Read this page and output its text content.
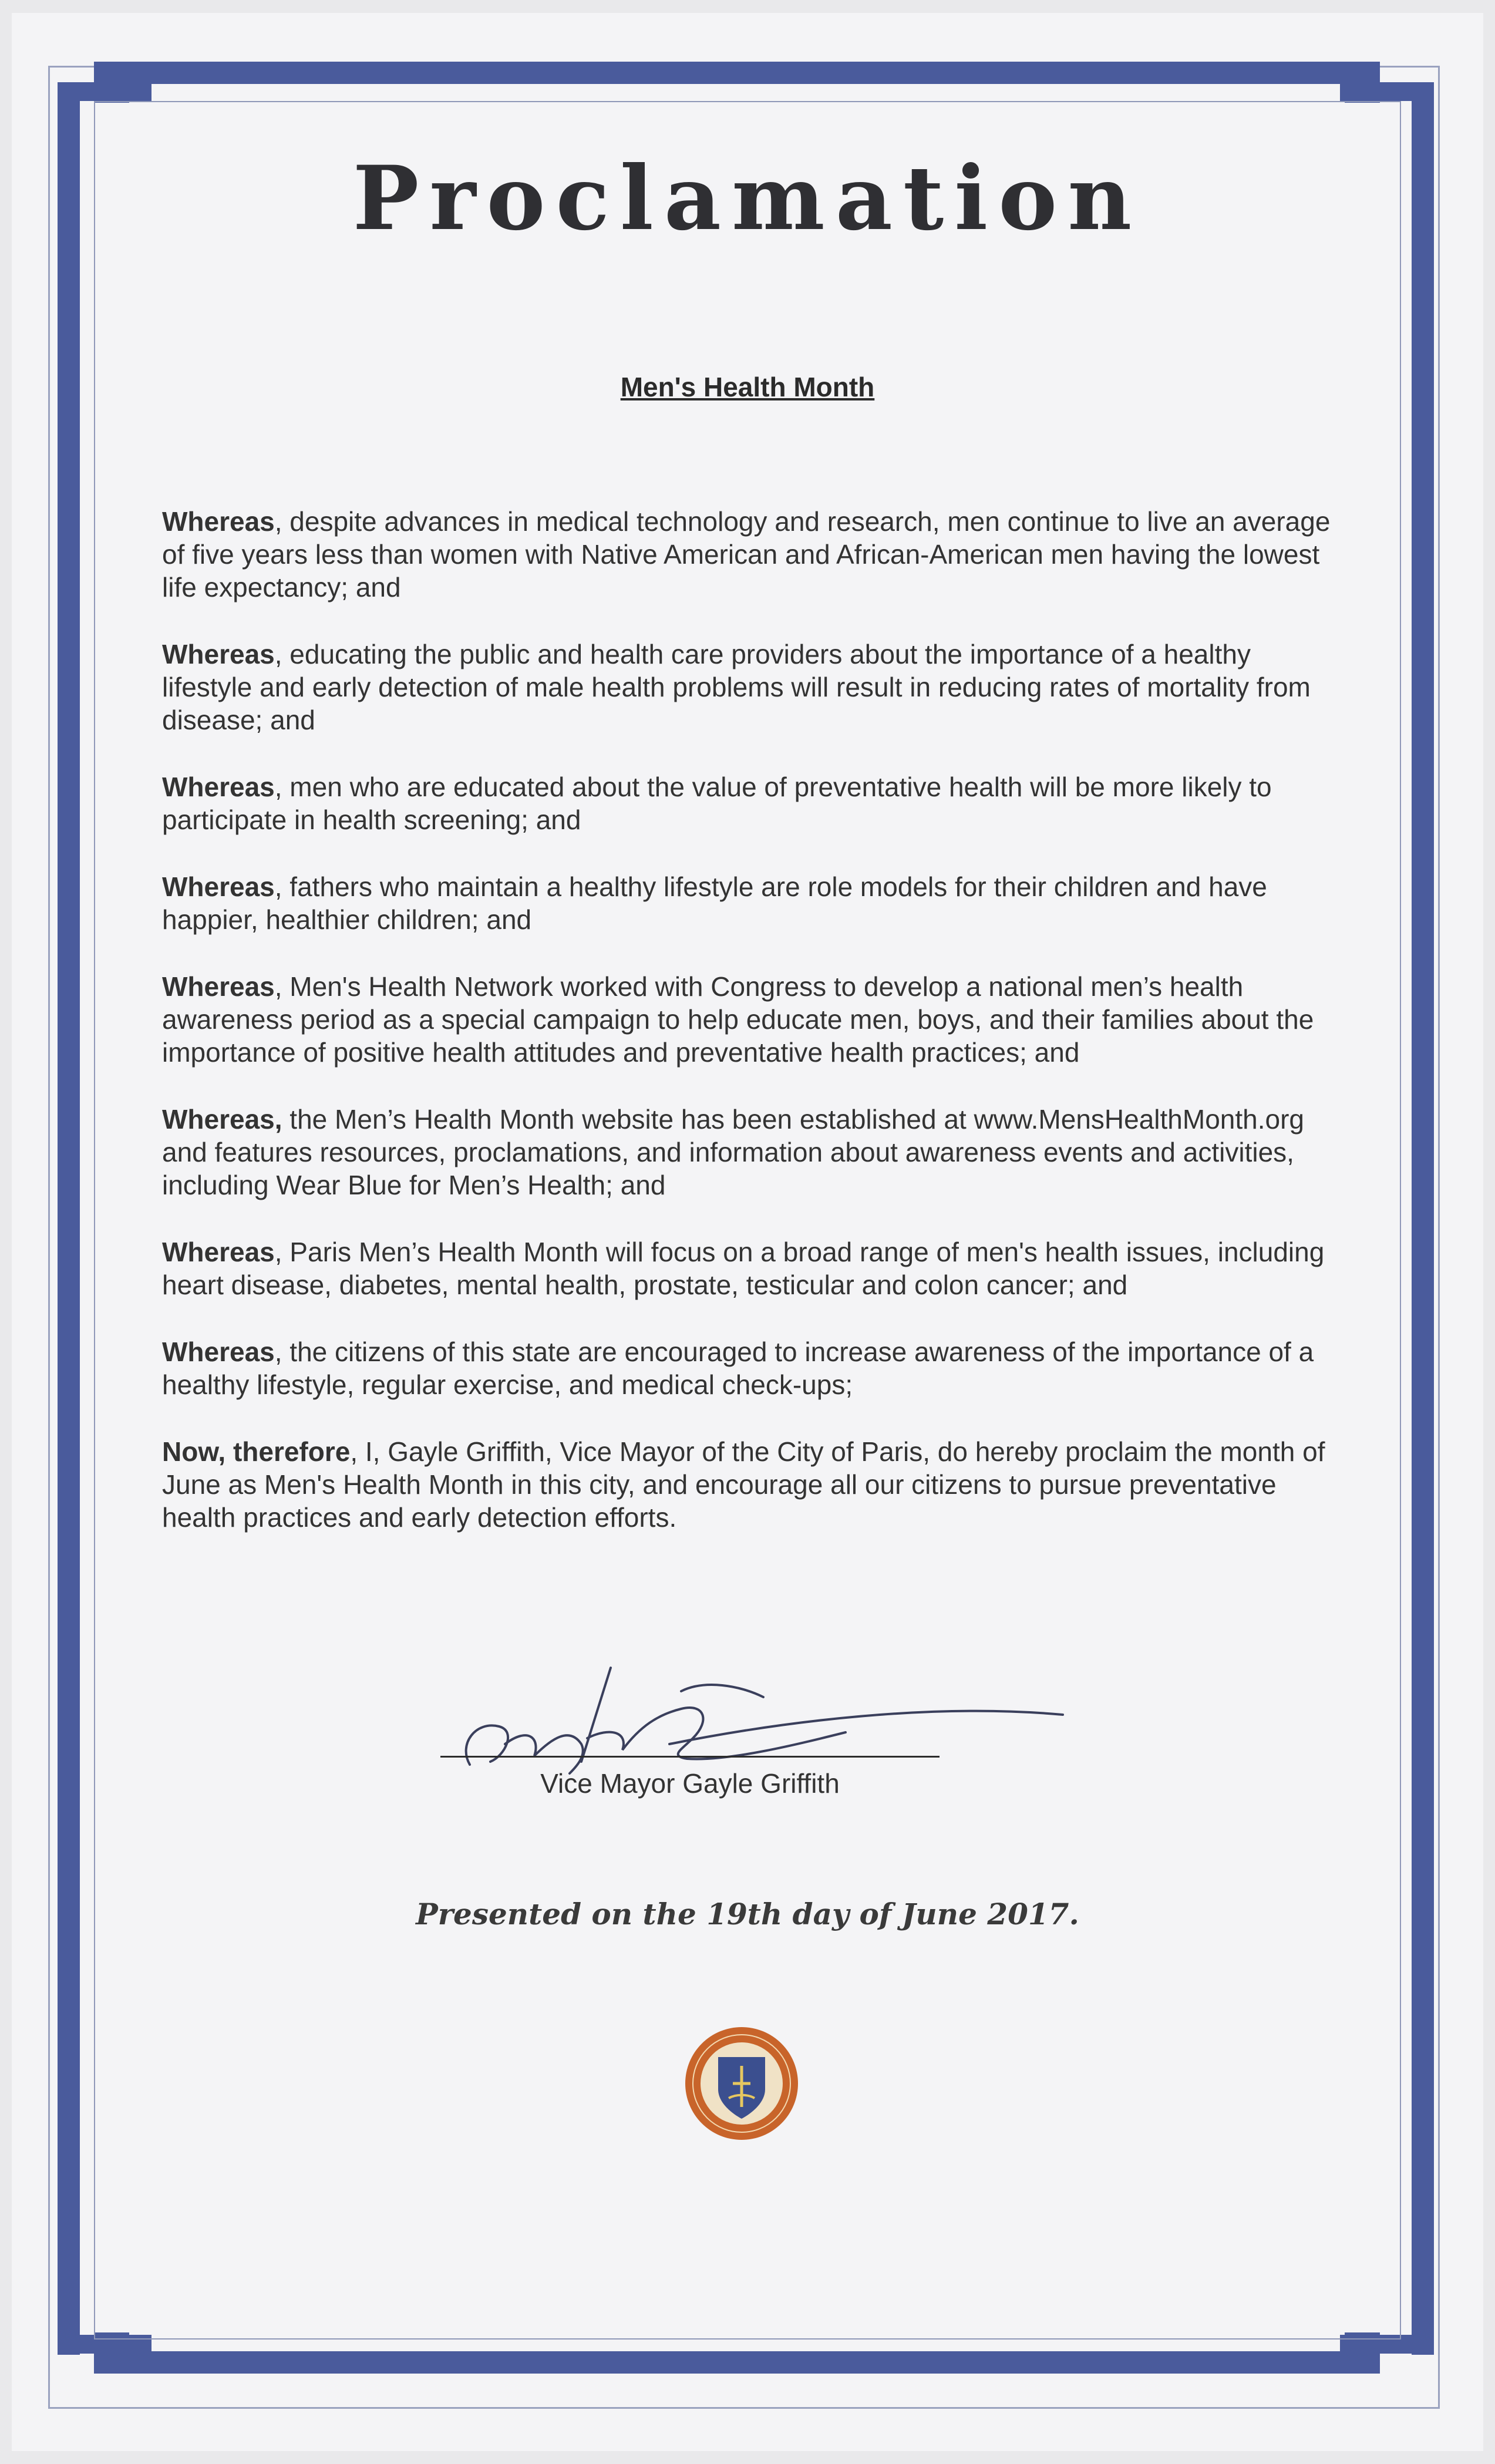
Proclamation
Men's Health Month

Whereas, despite advances in medical technology and research, men continue to live an average of five years less than women with Native American and African-American men having the lowest life expectancy; and

Whereas, educating the public and health care providers about the importance of a healthy lifestyle and early detection of male health problems will result in reducing rates of mortality from disease; and

Whereas, men who are educated about the value of preventative health will be more likely to participate in health screening; and

Whereas, fathers who maintain a healthy lifestyle are role models for their children and have happier, healthier children; and

Whereas, Men's Health Network worked with Congress to develop a national men’s health awareness period as a special campaign to help educate men, boys, and their families about the importance of positive health attitudes and preventative health practices; and

Whereas, the Men’s Health Month website has been established at www.MensHealthMonth.org and features resources, proclamations, and information about awareness events and activities, including Wear Blue for Men’s Health; and

Whereas, Paris Men’s Health Month will focus on a broad range of men's health issues, including heart disease, diabetes, mental health, prostate, testicular and colon cancer; and

Whereas, the citizens of this state are encouraged to increase awareness of the importance of a healthy lifestyle, regular exercise, and medical check-ups;

Now, therefore, I, Gayle Griffith, Vice Mayor of the City of Paris, do hereby proclaim the month of June as Men's Health Month in this city, and encourage all our citizens to pursue preventative health practices and early detection efforts.

Vice Mayor Gayle Griffith
Presented on the 19th day of June 2017.
